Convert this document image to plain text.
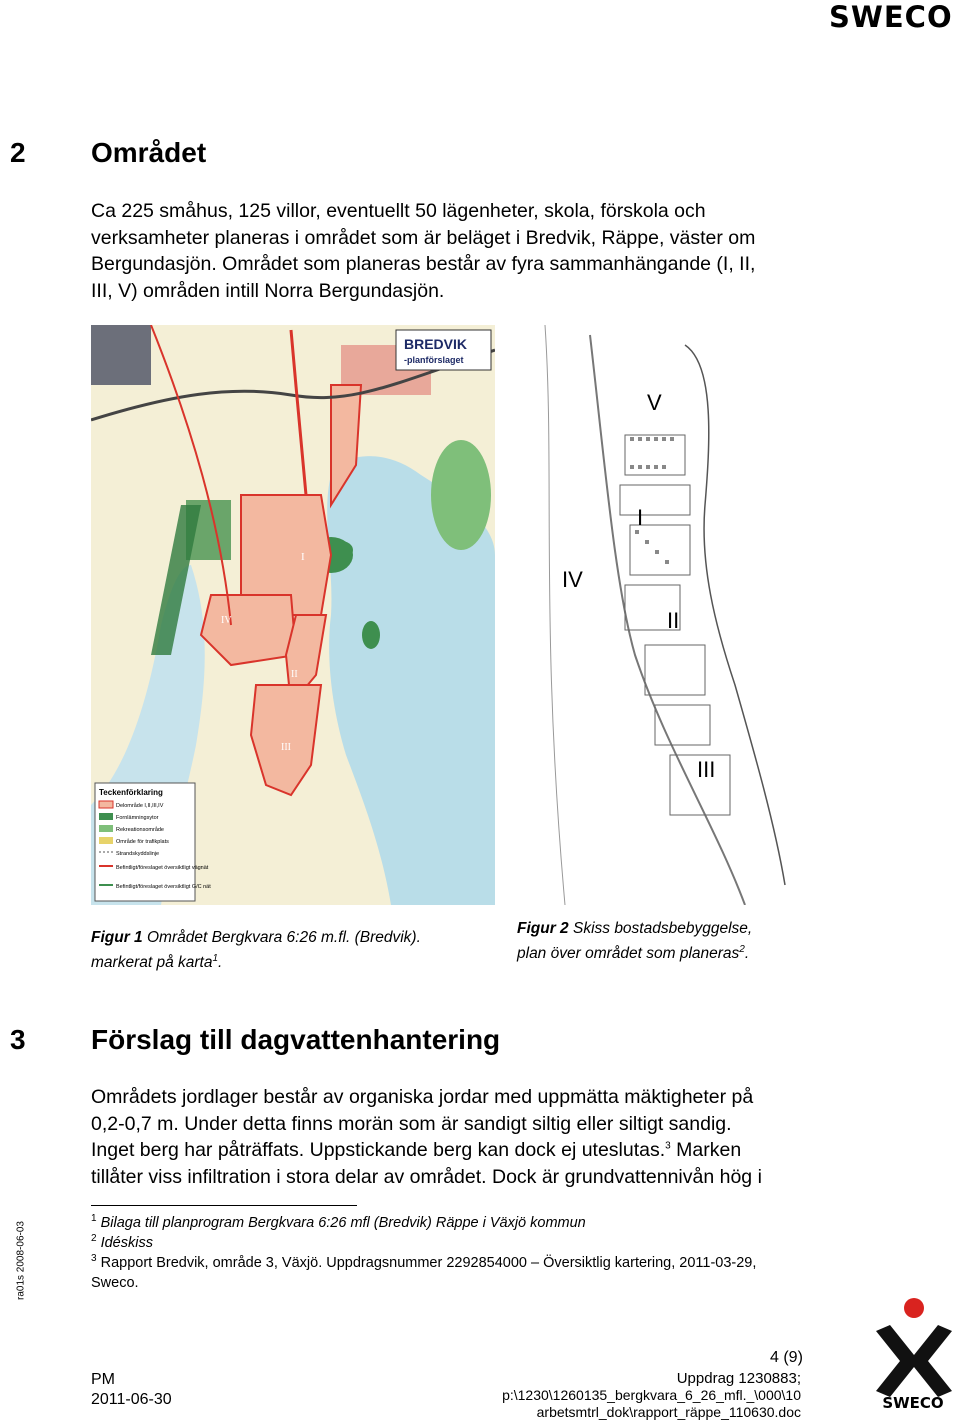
SWECO
2 Området
Ca 225 småhus, 125 villor, eventuellt 50 lägenheter, skola, förskola och
verksamheter planeras i området som är beläget i Bredvik, Räppe, väster om
Bergundasjön. Området som planeras består av fyra sammanhängande (I, II,
III, V) områden intill Norra Bergundasjön.
BREDVIK
-planförslaget
I
IV
II
III
Teckenförklaring
Delområde I,II,III,IV
Fornlämningsytor
Rekreationsområde
Område för trafikplats
Strandskyddslinje
Befintligt/föreslaget översiktligt vägnät
Befintligt/föreslaget översiktligt G/C nät
V
I
IV
II
III
Figur 1 Området Bergkvara 6:26 m.fl. (Bredvik).
markerat på karta$^1$.
Figur 2 Skiss bostadsbebyggelse,
plan över området som planeras$^2$.
3 Förslag till dagvattenhantering
Områdets jordlager består av organiska jordar med uppmätta mäktigheter på
0,2-0,7 m. Under detta finns morän som är sandigt siltig eller siltigt sandig.
Inget berg har påträffats. Uppstickande berg kan dock ej uteslutas.$^3$ Marken
tillåter viss infiltration i stora delar av området. Dock är grundvattennivån hög i
$^1$ Bilaga till planprogram Bergkvara 6:26 mfl (Bredvik) Räppe i Växjö kommun
$^2$ Idéskiss
$^3$ Rapport Bredvik, område 3, Växjö. Uppdragsnummer 2292854000 – Översiktlig kartering, 2011-03-29,
Sweco.
ra01s 2008-06-03
4 (9)
PM
2011-06-30
Uppdrag 1230883;
p:\1230\1260135_bergkvara_6_26_mfl._\000\10
arbetsmtrl_dok\rapport_räppe_110630.doc	SWECO
